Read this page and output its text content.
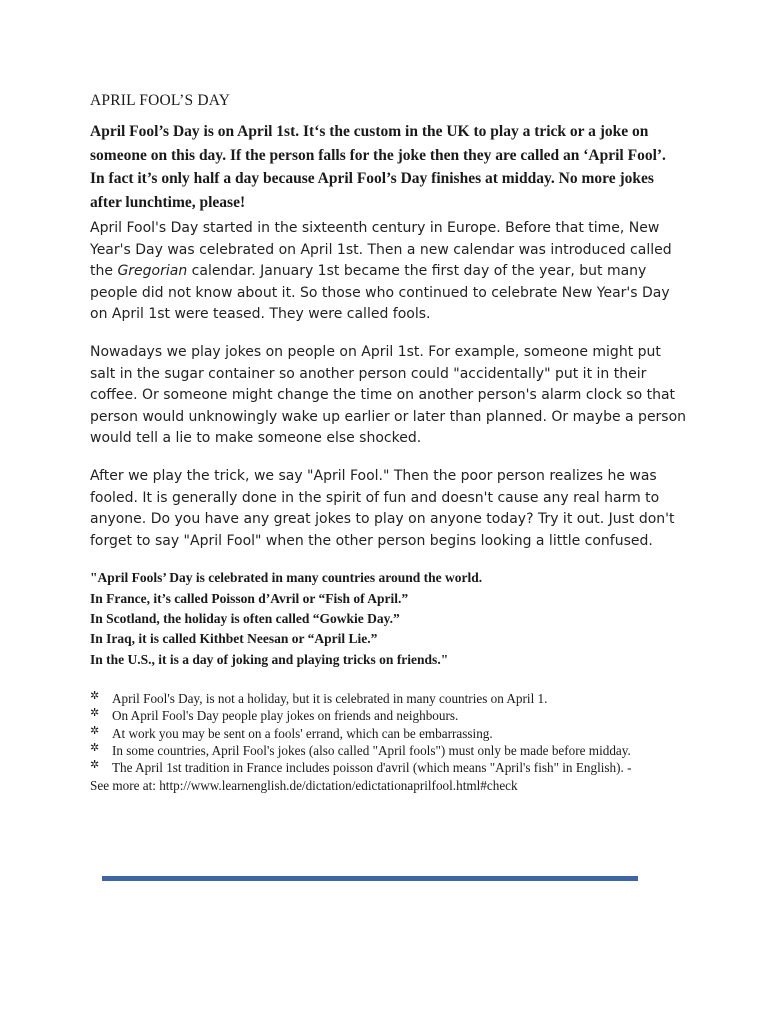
APRIL FOOL’S DAY

April Fool’s Day is on April 1st. It‘s the custom in the UK to play a trick or a joke on someone on this day. If the person falls for the joke then they are called an ‘April Fool’. In fact it’s only half a day because April Fool’s Day finishes at midday. No more jokes after lunchtime, please!

April Fool's Day started in the sixteenth century in Europe. Before that time, New Year's Day was celebrated on April 1st. Then a new calendar was introduced called the Gregorian calendar. January 1st became the first day of the year, but many people did not know about it. So those who continued to celebrate New Year's Day on April 1st were teased. They were called fools.

Nowadays we play jokes on people on April 1st. For example, someone might put salt in the sugar container so another person could "accidentally" put it in their coffee. Or someone might change the time on another person's alarm clock so that person would unknowingly wake up earlier or later than planned. Or maybe a person would tell a lie to make someone else shocked.

After we play the trick, we say "April Fool." Then the poor person realizes he was fooled. It is generally done in the spirit of fun and doesn't cause any real harm to anyone. Do you have any great jokes to play on anyone today? Try it out. Just don't forget to say "April Fool" when the other person begins looking a little confused.

"April Fools’ Day is celebrated in many countries around the world.
In France, it’s called Poisson d’Avril or “Fish of April.”
In Scotland, the holiday is often called “Gowkie Day.”
In Iraq, it is called Kithbet Neesan or “April Lie.”
In the U.S., it is a day of joking and playing tricks on friends."
✲ April Fool's Day, is not a holiday, but it is celebrated in many countries on April 1.
✲ On April Fool's Day people play jokes on friends and neighbours.
✲ At work you may be sent on a fools' errand, which can be embarrassing.
✲ In some countries, April Fool's jokes (also called "April fools") must only be made before midday.
✲ The April 1st tradition in France includes poisson d'avril (which means "April's fish" in English). - See more at: http://www.learnenglish.de/dictation/edictationaprilfool.html#check
